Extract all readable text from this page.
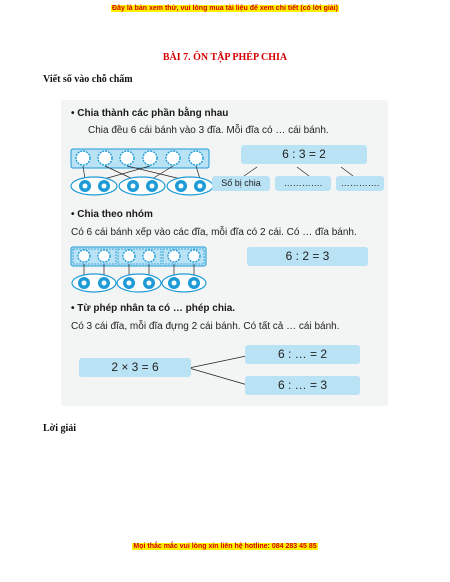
Đây là bản xem thử, vui lòng mua tài liệu để xem chi tiết (có lời giải)
BÀI 7. ÔN TẬP PHÉP CHIA
Viết số vào chỗ chấm
• Chia thành các phần bằng nhau
Chia đều 6 cái bánh vào 3 đĩa. Mỗi đĩa có … cái bánh.
6 : 3 = 2
Số bị chia	………….	………….
• Chia theo nhóm
Có 6 cái bánh xếp vào các đĩa, mỗi đĩa có 2 cái. Có … đĩa bánh.
6 : 2 = 3
• Từ phép nhân ta có … phép chia.
Có 3 cái đĩa, mỗi đĩa đựng 2 cái bánh. Có tất cả … cái bánh.
2 × 3 = 6
6 : … = 2
6 : … = 3
Lời giải
Mọi thắc mắc vui lòng xin liên hệ hotline: 084 283 45 85
